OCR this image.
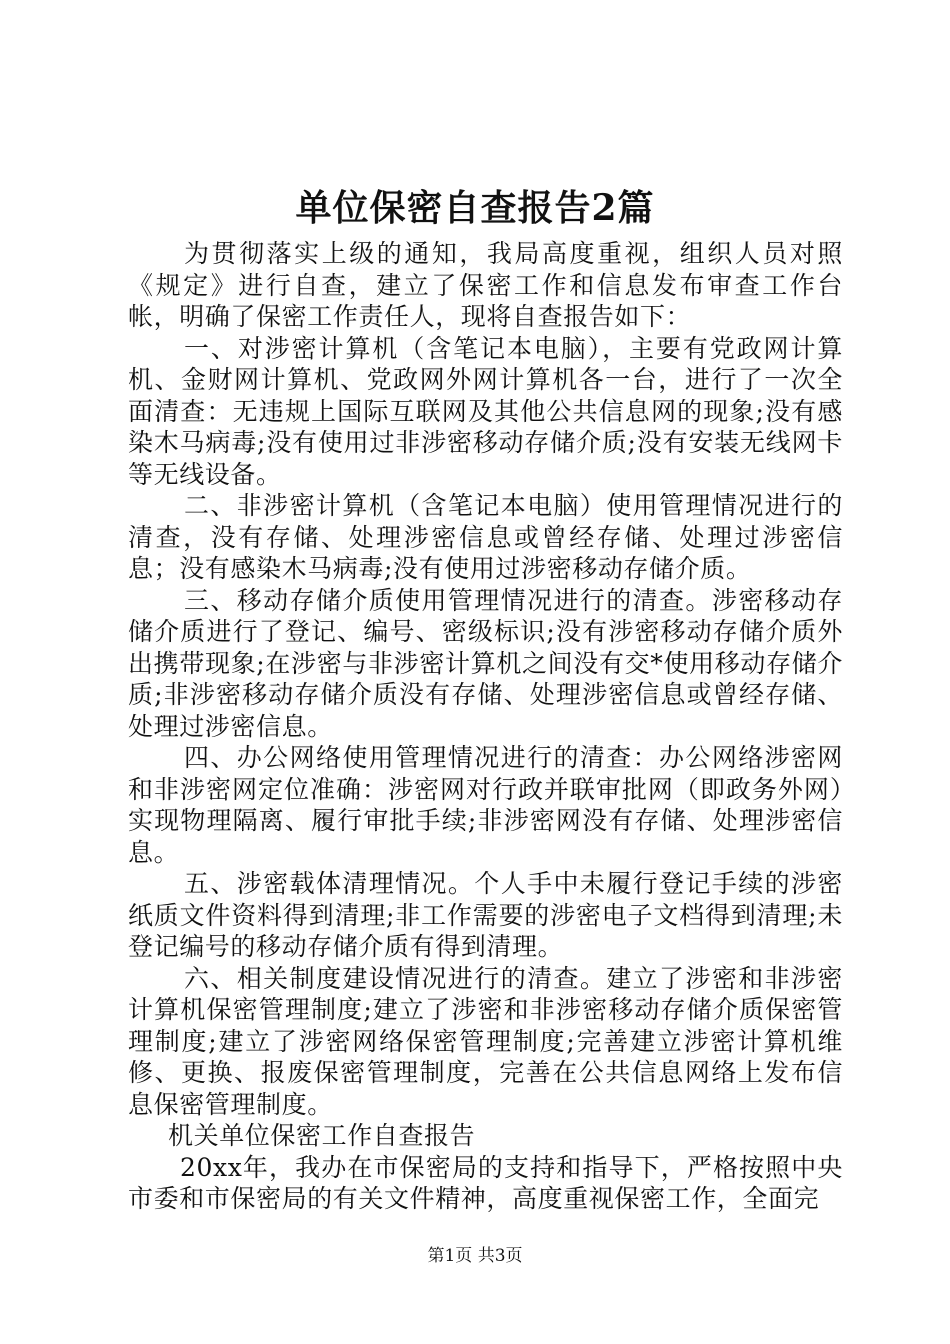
单位保密自查报告2篇

为贯彻落实上级的通知，我局高度重视，组织人员对照《规定》进行自查，建立了保密工作和信息发布审查工作台帐，明确了保密工作责任人，现将自查报告如下：

一、对涉密计算机（含笔记本电脑），主要有党政网计算机、金财网计算机、党政网外网计算机各一台，进行了一次全面清查：无违规上国际互联网及其他公共信息网的现象;没有感染木马病毒;没有使用过非涉密移动存储介质;没有安装无线网卡等无线设备。

二、非涉密计算机（含笔记本电脑）使用管理情况进行的清查，没有存储、处理涉密信息或曾经存储、处理过涉密信息；没有感染木马病毒;没有使用过涉密移动存储介质。

三、移动存储介质使用管理情况进行的清查。涉密移动存储介质进行了登记、编号、密级标识;没有涉密移动存储介质外出携带现象;在涉密与非涉密计算机之间没有交*使用移动存储介质;非涉密移动存储介质没有存储、处理涉密信息或曾经存储、处理过涉密信息。

四、办公网络使用管理情况进行的清查：办公网络涉密网和非涉密网定位准确：涉密网对行政并联审批网（即政务外网）实现物理隔离、履行审批手续;非涉密网没有存储、处理涉密信息。

五、涉密载体清理情况。个人手中未履行登记手续的涉密纸质文件资料得到清理;非工作需要的涉密电子文档得到清理;未登记编号的移动存储介质有得到清理。

六、相关制度建设情况进行的清查。建立了涉密和非涉密计算机保密管理制度;建立了涉密和非涉密移动存储介质保密管理制度;建立了涉密网络保密管理制度;完善建立涉密计算机维修、更换、报废保密管理制度，完善在公共信息网络上发布信息保密管理制度。

机关单位保密工作自查报告

20xx年，我办在市保密局的支持和指导下，严格按照中央市委和市保密局的有关文件精神，高度重视保密工作，全面完

第1页 共3页
